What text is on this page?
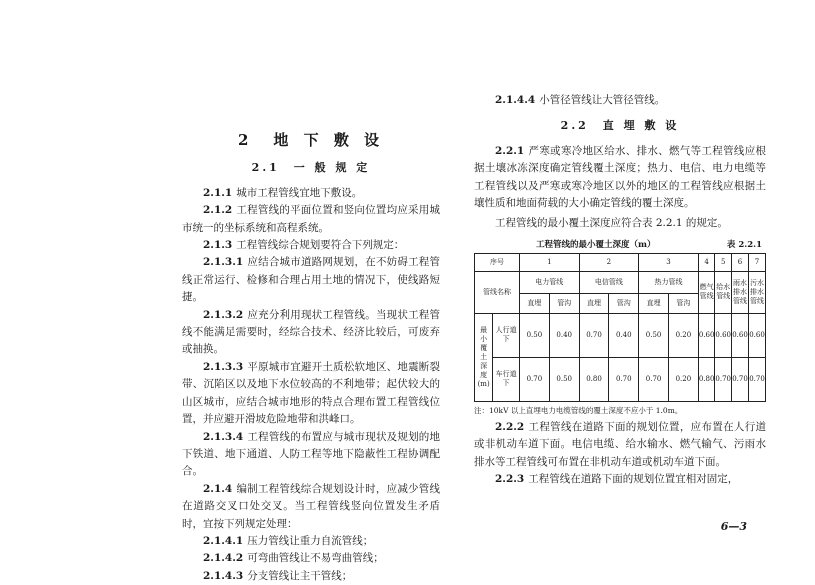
2　地 下 敷 设
2.1　一 般 规 定

2.1.1 城市工程管线宜地下敷设。

2.1.2 工程管线的平面位置和竖向位置均应采用城市统一的坐标系统和高程系统。

2.1.3 工程管线综合规划要符合下列规定：

2.1.3.1 应结合城市道路网规划，在不妨碍工程管线正常运行、检修和合理占用土地的情况下，使线路短捷。

2.1.3.2 应充分利用现状工程管线。当现状工程管线不能满足需要时，经综合技术、经济比较后，可废弃或抽换。

2.1.3.3 平原城市宜避开土质松软地区、地震断裂带、沉陷区以及地下水位较高的不利地带；起伏较大的山区城市，应结合城市地形的特点合理布置工程管线位置，并应避开滑坡危险地带和洪峰口。

2.1.3.4 工程管线的布置应与城市现状及规划的地下铁道、地下通道、人防工程等地下隐蔽性工程协调配合。

2.1.4 编制工程管线综合规划设计时，应减少管线在道路交叉口处交叉。当工程管线竖向位置发生矛盾时，宜按下列规定处理：

2.1.4.1 压力管线让重力自流管线；

2.1.4.2 可弯曲管线让不易弯曲管线；

2.1.4.3 分支管线让主干管线；

2.1.4.4 小管径管线让大管径管线。

2.2　直 埋 敷 设

2.2.1 严寒或寒冷地区给水、排水、燃气等工程管线应根据土壤冰冻深度确定管线覆土深度；热力、电信、电力电缆等工程管线以及严寒或寒冷地区以外的地区的工程管线应根据土壤性质和地面荷载的大小确定管线的覆土深度。

工程管线的最小覆土深度应符合表 2.2.1 的规定。

工程管线的最小覆土深度（m）	表 2.2.1
序号		1		2		3		4	5	6	7
管线名称		电力管线		电信管线		热力管线		燃气管线	给水管线	雨水排水管线	污水排水管线
		直埋	管沟	直埋	管沟	直埋	管沟				
最小覆土深度(m)	人行道下	0.50	0.40	0.70	0.40	0.50	0.20	0.60	0.60	0.60	0.60
	车行道下	0.70	0.50	0.80	0.70	0.70	0.20	0.80	0.70	0.70	0.70

注：10kV 以上直埋电力电缆管线的覆土深度不应小于 1.0m。

2.2.2 工程管线在道路下面的规划位置，应布置在人行道或非机动车道下面。电信电缆、给水输水、燃气输气、污雨水排水等工程管线可布置在非机动车道或机动车道下面。

2.2.3 工程管线在道路下面的规划位置宜相对固定，

6—3
